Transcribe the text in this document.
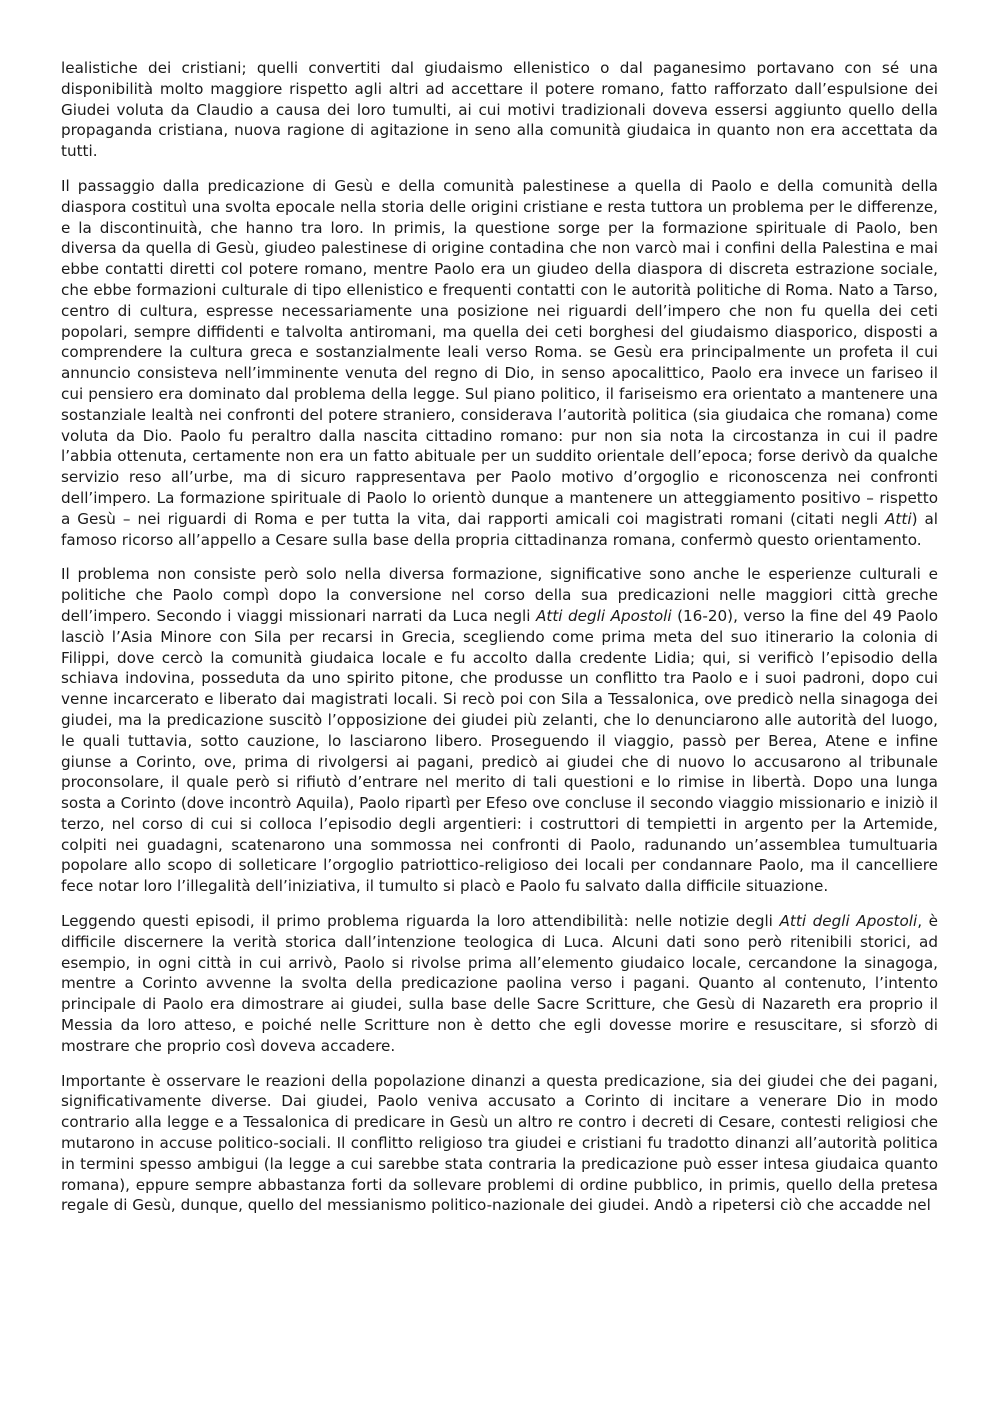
lealistiche dei cristiani; quelli convertiti dal giudaismo ellenistico o dal paganesimo portavano con sé una disponibilità molto maggiore rispetto agli altri ad accettare il potere romano, fatto rafforzato dall’espulsione dei Giudei voluta da Claudio a causa dei loro tumulti, ai cui motivi tradizionali doveva essersi aggiunto quello della propaganda cristiana, nuova ragione di agitazione in seno alla comunità giudaica in quanto non era accettata da tutti.

Il passaggio dalla predicazione di Gesù e della comunità palestinese a quella di Paolo e della comunità della diaspora costituì una svolta epocale nella storia delle origini cristiane e resta tuttora un problema per le differenze, e la discontinuità, che hanno tra loro. In primis, la questione sorge per la formazione spirituale di Paolo, ben diversa da quella di Gesù, giudeo palestinese di origine contadina che non varcò mai i confini della Palestina e mai ebbe contatti diretti col potere romano, mentre Paolo era un giudeo della diaspora di discreta estrazione sociale, che ebbe formazioni culturale di tipo ellenistico e frequenti contatti con le autorità politiche di Roma. Nato a Tarso, centro di cultura, espresse necessariamente una posizione nei riguardi dell’impero che non fu quella dei ceti popolari, sempre diffidenti e talvolta antiromani, ma quella dei ceti borghesi del giudaismo diasporico, disposti a comprendere la cultura greca e sostanzialmente leali verso Roma. se Gesù era principalmente un profeta il cui annuncio consisteva nell’imminente venuta del regno di Dio, in senso apocalittico, Paolo era invece un fariseo il cui pensiero era dominato dal problema della legge. Sul piano politico, il fariseismo era orientato a mantenere una sostanziale lealtà nei confronti del potere straniero, considerava l’autorità politica (sia giudaica che romana) come voluta da Dio. Paolo fu peraltro dalla nascita cittadino romano: pur non sia nota la circostanza in cui il padre l’abbia ottenuta, certamente non era un fatto abituale per un suddito orientale dell’epoca; forse derivò da qualche servizio reso all’urbe, ma di sicuro rappresentava per Paolo motivo d’orgoglio e riconoscenza nei confronti dell’impero. La formazione spirituale di Paolo lo orientò dunque a mantenere un atteggiamento positivo – rispetto a Gesù – nei riguardi di Roma e per tutta la vita, dai rapporti amicali coi magistrati romani (citati negli Atti) al famoso ricorso all’appello a Cesare sulla base della propria cittadinanza romana, confermò questo orientamento.

Il problema non consiste però solo nella diversa formazione, significative sono anche le esperienze culturali e politiche che Paolo compì dopo la conversione nel corso della sua predicazioni nelle maggiori città greche dell’impero. Secondo i viaggi missionari narrati da Luca negli Atti degli Apostoli (16-20), verso la fine del 49 Paolo lasciò l’Asia Minore con Sila per recarsi in Grecia, scegliendo come prima meta del suo itinerario la colonia di Filippi, dove cercò la comunità giudaica locale e fu accolto dalla credente Lidia; qui, si verificò l’episodio della schiava indovina, posseduta da uno spirito pitone, che produsse un conflitto tra Paolo e i suoi padroni, dopo cui venne incarcerato e liberato dai magistrati locali. Si recò poi con Sila a Tessalonica, ove predicò nella sinagoga dei giudei, ma la predicazione suscitò l’opposizione dei giudei più zelanti, che lo denunciarono alle autorità del luogo, le quali tuttavia, sotto cauzione, lo lasciarono libero. Proseguendo il viaggio, passò per Berea, Atene e infine giunse a Corinto, ove, prima di rivolgersi ai pagani, predicò ai giudei che di nuovo lo accusarono al tribunale proconsolare, il quale però si rifiutò d’entrare nel merito di tali questioni e lo rimise in libertà. Dopo una lunga sosta a Corinto (dove incontrò Aquila), Paolo ripartì per Efeso ove concluse il secondo viaggio missionario e iniziò il terzo, nel corso di cui si colloca l’episodio degli argentieri: i costruttori di tempietti in argento per la Artemide, colpiti nei guadagni, scatenarono una sommossa nei confronti di Paolo, radunando un’assemblea tumultuaria popolare allo scopo di solleticare l’orgoglio patriottico-religioso dei locali per condannare Paolo, ma il cancelliere fece notar loro l’illegalità dell’iniziativa, il tumulto si placò e Paolo fu salvato dalla difficile situazione.

Leggendo questi episodi, il primo problema riguarda la loro attendibilità: nelle notizie degli Atti degli Apostoli, è difficile discernere la verità storica dall’intenzione teologica di Luca. Alcuni dati sono però ritenibili storici, ad esempio, in ogni città in cui arrivò, Paolo si rivolse prima all’elemento giudaico locale, cercandone la sinagoga, mentre a Corinto avvenne la svolta della predicazione paolina verso i pagani. Quanto al contenuto, l’intento principale di Paolo era dimostrare ai giudei, sulla base delle Sacre Scritture, che Gesù di Nazareth era proprio il Messia da loro atteso, e poiché nelle Scritture non è detto che egli dovesse morire e resuscitare, si sforzò di mostrare che proprio così doveva accadere.

Importante è osservare le reazioni della popolazione dinanzi a questa predicazione, sia dei giudei che dei pagani, significativamente diverse. Dai giudei, Paolo veniva accusato a Corinto di incitare a venerare Dio in modo contrario alla legge e a Tessalonica di predicare in Gesù un altro re contro i decreti di Cesare, contesti religiosi che mutarono in accuse politico-sociali. Il conflitto religioso tra giudei e cristiani fu tradotto dinanzi all’autorità politica in termini spesso ambigui (la legge a cui sarebbe stata contraria la predicazione può esser intesa giudaica quanto romana), eppure sempre abbastanza forti da sollevare problemi di ordine pubblico, in primis, quello della pretesa regale di Gesù, dunque, quello del messianismo politico-nazionale dei giudei. Andò a ripetersi ciò che accadde nel
